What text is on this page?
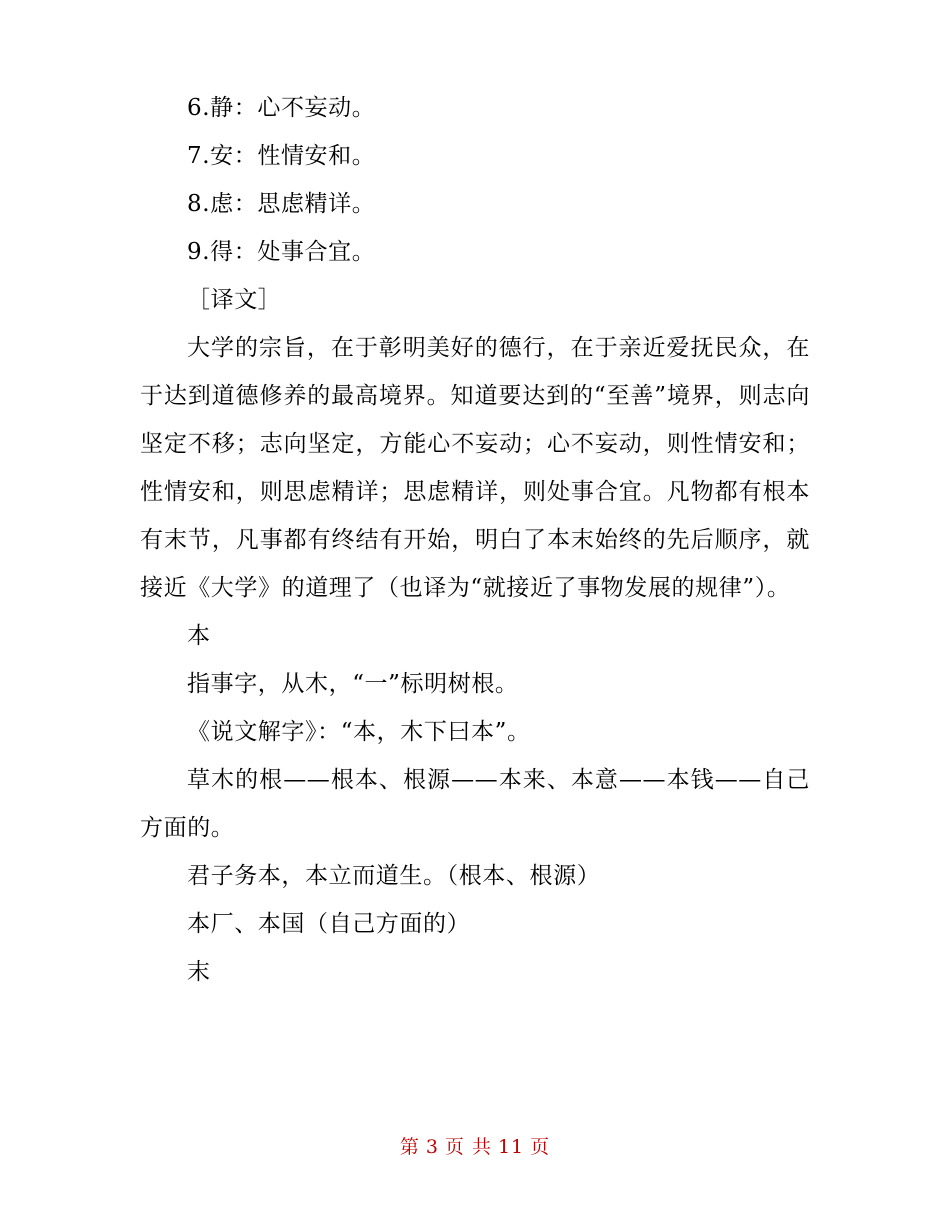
6.静：心不妄动。

7.安：性情安和。

8.虑：思虑精详。

9.得：处事合宜。

［译文］

大学的宗旨，在于彰明美好的德行，在于亲近爱抚民众，在于达到道德修养的最高境界。知道要达到的“至善”境界，则志向坚定不移；志向坚定，方能心不妄动；心不妄动，则性情安和；性情安和，则思虑精详；思虑精详，则处事合宜。凡物都有根本有末节，凡事都有终结有开始，明白了本末始终的先后顺序，就接近《大学》的道理了（也译为“就接近了事物发展的规律”）。

本

指事字，从木，“一”标明树根。

《说文解字》：“本，木下曰本”。

草木的根——根本、根源——本来、本意——本钱——自己方面的。

君子务本，本立而道生。（根本、根源）

本厂、本国（自己方面的）

末

第 3 页 共 11 页
